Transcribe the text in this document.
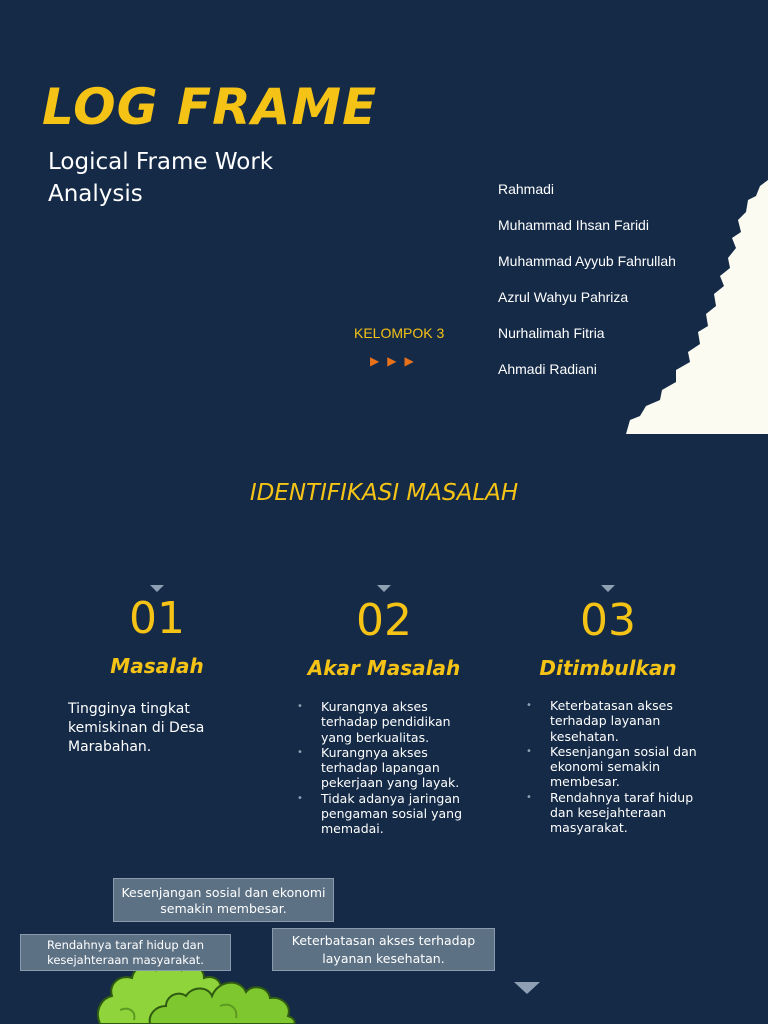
LOG FRAME
Logical Frame Work Analysis	Rahmadi
Muhammad Ihsan Faridi
Muhammad Ayyub Fahrullah
Azrul Wahyu Pahriza
Nurhalimah Fitria
Ahmadi Radiani
KELOMPOK 3
▶ ▶ ▶
IDENTIFIKASI MASALAH
01
Masalah
Tingginya tingkat kemiskinan di Desa Marabahan.
02
Akar Masalah
• Kurangnya akses terhadap pendidikan yang berkualitas.
• Kurangnya akses terhadap lapangan pekerjaan yang layak.
• Tidak adanya jaringan pengaman sosial yang memadai.
03
Ditimbulkan
• Keterbatasan akses terhadap layanan kesehatan.
• Kesenjangan sosial dan ekonomi semakin membesar.
• Rendahnya taraf hidup dan kesejahteraan masyarakat.
Kesenjangan sosial dan ekonomi semakin membesar.
Rendahnya taraf hidup dan kesejahteraan masyarakat.
Keterbatasan akses terhadap layanan kesehatan.
